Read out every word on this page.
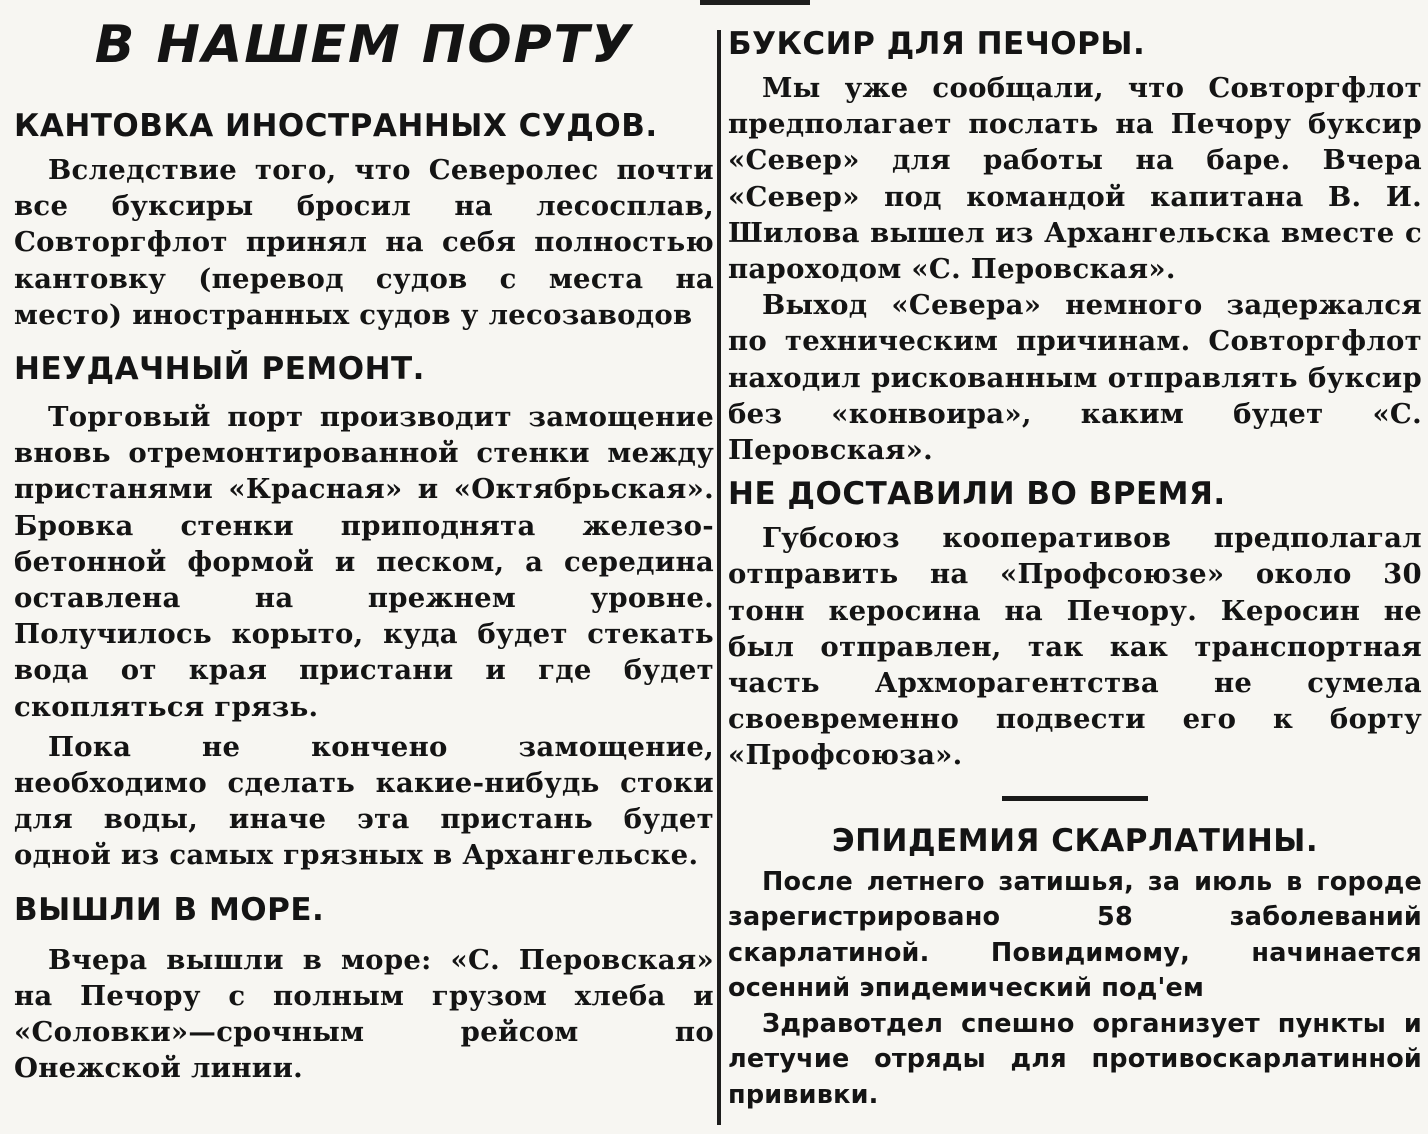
В НАШЕМ ПОРТУ
КАНТОВКА ИНОСТРАННЫХ СУДОВ.

Вследствие того, что Северолес почти все буксиры бросил на лесосплав, Совторгфлот принял на себя полностью кантовку (перевод судов с места на место) иностранных судов у лесозаводов

НЕУДАЧНЫЙ РЕМОНТ.

Торговый порт производит замощение вновь отремонтированной стенки между пристанями «Красная» и «Октябрьская». Бровка стенки приподнята железо-бетонной формой и песком, а середина оставлена на прежнем уровне. Получилось корыто, куда будет стекать вода от края пристани и где будет скопляться грязь.

Пока не кончено замощение, необходимо сделать какие-нибудь стоки для воды, иначе эта пристань будет одной из самых грязных в Архангельске.

ВЫШЛИ В МОРЕ.

Вчера вышли в море: «С. Перовская» на Печору с полным грузом хлеба и «Соловки»—срочным рейсом по Онежской линии.

БУКСИР ДЛЯ ПЕЧОРЫ.

Мы уже сообщали, что Совторгфлот предполагает послать на Печору буксир «Север» для работы на баре. Вчера «Север» под командой капитана В. И. Шилова вышел из Архангельска вместе с пароходом «С. Перовская».

Выход «Севера» немного задержался по техническим причинам. Совторгфлот находил рискованным отправлять буксир без «конвоира», каким будет «С. Перовская».

НЕ ДОСТАВИЛИ ВО ВРЕМЯ.

Губсоюз кооперативов предполагал отправить на «Профсоюзе» около 30 тонн керосина на Печору. Керосин не был отправлен, так как транспортная часть Архморагентства не сумела своевременно подвести его к борту «Профсоюза».

ЭПИДЕМИЯ СКАРЛАТИНЫ.

После летнего затишья, за июль в городе зарегистрировано 58 заболеваний скарлатиной. Повидимому, начинается осенний эпидемический под'ем

Здравотдел спешно организует пункты и летучие отряды для противоскарлатинной прививки.
